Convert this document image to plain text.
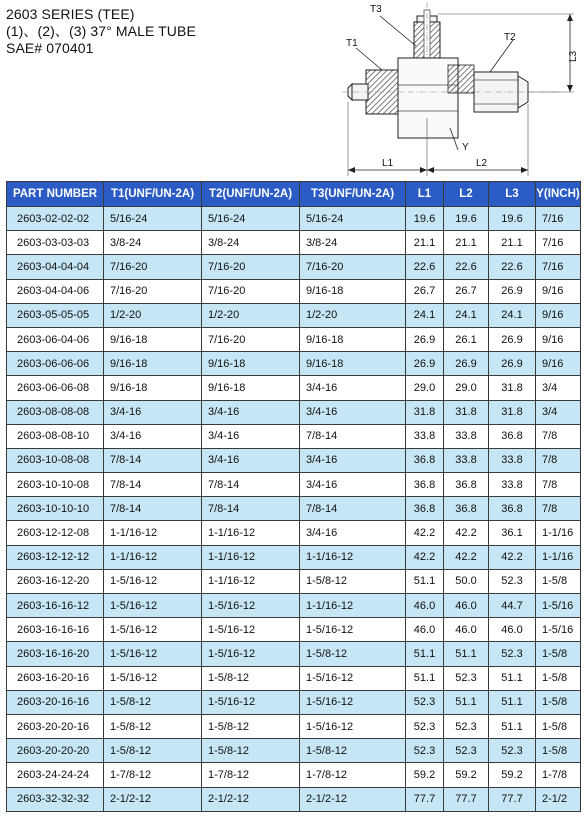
2603 SERIES (TEE)
(1)、(2)、(3) 37° MALE TUBE
SAE# 070401
T3
T1
T2
L3
L1	L2
Y
PART NUMBER	T1(UNF/UN-2A)	T2(UNF/UN-2A)	T3(UNF/UN-2A)	L1	L2	L3	Y(INCH)
2603-02-02-02	5/16-24	5/16-24	5/16-24	19.6	19.6	19.6	7/16
2603-03-03-03	3/8-24	3/8-24	3/8-24	21.1	21.1	21.1	7/16
2603-04-04-04	7/16-20	7/16-20	7/16-20	22.6	22.6	22.6	7/16
2603-04-04-06	7/16-20	7/16-20	9/16-18	26.7	26.7	26.9	9/16
2603-05-05-05	1/2-20	1/2-20	1/2-20	24.1	24.1	24.1	9/16
2603-06-04-06	9/16-18	7/16-20	9/16-18	26.9	26.1	26.9	9/16
2603-06-06-06	9/16-18	9/16-18	9/16-18	26.9	26.9	26.9	9/16
2603-06-06-08	9/16-18	9/16-18	3/4-16	29.0	29.0	31.8	3/4
2603-08-08-08	3/4-16	3/4-16	3/4-16	31.8	31.8	31.8	3/4
2603-08-08-10	3/4-16	3/4-16	7/8-14	33.8	33.8	36.8	7/8
2603-10-08-08	7/8-14	3/4-16	3/4-16	36.8	33.8	33.8	7/8
2603-10-10-08	7/8-14	7/8-14	3/4-16	36.8	36.8	33.8	7/8
2603-10-10-10	7/8-14	7/8-14	7/8-14	36.8	36.8	36.8	7/8
2603-12-12-08	1-1/16-12	1-1/16-12	3/4-16	42.2	42.2	36.1	1-1/16
2603-12-12-12	1-1/16-12	1-1/16-12	1-1/16-12	42.2	42.2	42.2	1-1/16
2603-16-12-20	1-5/16-12	1-1/16-12	1-5/8-12	51.1	50.0	52.3	1-5/8
2603-16-16-12	1-5/16-12	1-5/16-12	1-1/16-12	46.0	46.0	44.7	1-5/16
2603-16-16-16	1-5/16-12	1-5/16-12	1-5/16-12	46.0	46.0	46.0	1-5/16
2603-16-16-20	1-5/16-12	1-5/16-12	1-5/8-12	51.1	51.1	52.3	1-5/8
2603-16-20-16	1-5/16-12	1-5/8-12	1-5/16-12	51.1	52.3	51.1	1-5/8
2603-20-16-16	1-5/8-12	1-5/16-12	1-5/16-12	52.3	51.1	51.1	1-5/8
2603-20-20-16	1-5/8-12	1-5/8-12	1-5/16-12	52.3	52.3	51.1	1-5/8
2603-20-20-20	1-5/8-12	1-5/8-12	1-5/8-12	52.3	52.3	52.3	1-5/8
2603-24-24-24	1-7/8-12	1-7/8-12	1-7/8-12	59.2	59.2	59.2	1-7/8
2603-32-32-32	2-1/2-12	2-1/2-12	2-1/2-12	77.7	77.7	77.7	2-1/2
